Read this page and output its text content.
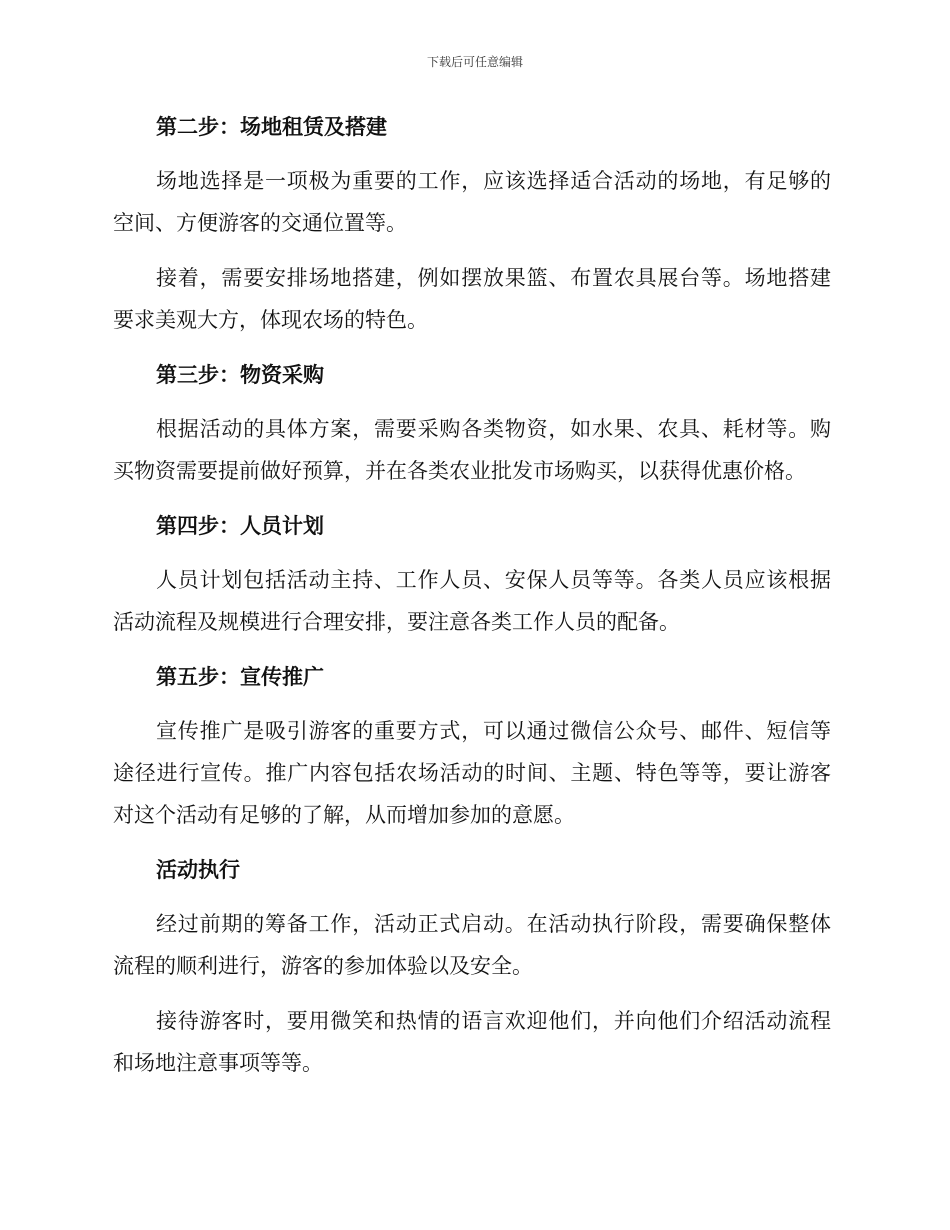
下载后可任意编辑
第二步：场地租赁及搭建

场地选择是一项极为重要的工作，应该选择适合活动的场地，有足够的
空间、方便游客的交通位置等。

接着，需要安排场地搭建，例如摆放果篮、布置农具展台等。场地搭建
要求美观大方，体现农场的特色。

第三步：物资采购

根据活动的具体方案，需要采购各类物资，如水果、农具、耗材等。购
买物资需要提前做好预算，并在各类农业批发市场购买，以获得优惠价格。

第四步：人员计划

人员计划包括活动主持、工作人员、安保人员等等。各类人员应该根据
活动流程及规模进行合理安排，要注意各类工作人员的配备。

第五步：宣传推广

宣传推广是吸引游客的重要方式，可以通过微信公众号、邮件、短信等
途径进行宣传。推广内容包括农场活动的时间、主题、特色等等，要让游客
对这个活动有足够的了解，从而增加参加的意愿。

活动执行

经过前期的筹备工作，活动正式启动。在活动执行阶段，需要确保整体
流程的顺利进行，游客的参加体验以及安全。

接待游客时，要用微笑和热情的语言欢迎他们，并向他们介绍活动流程
和场地注意事项等等。
